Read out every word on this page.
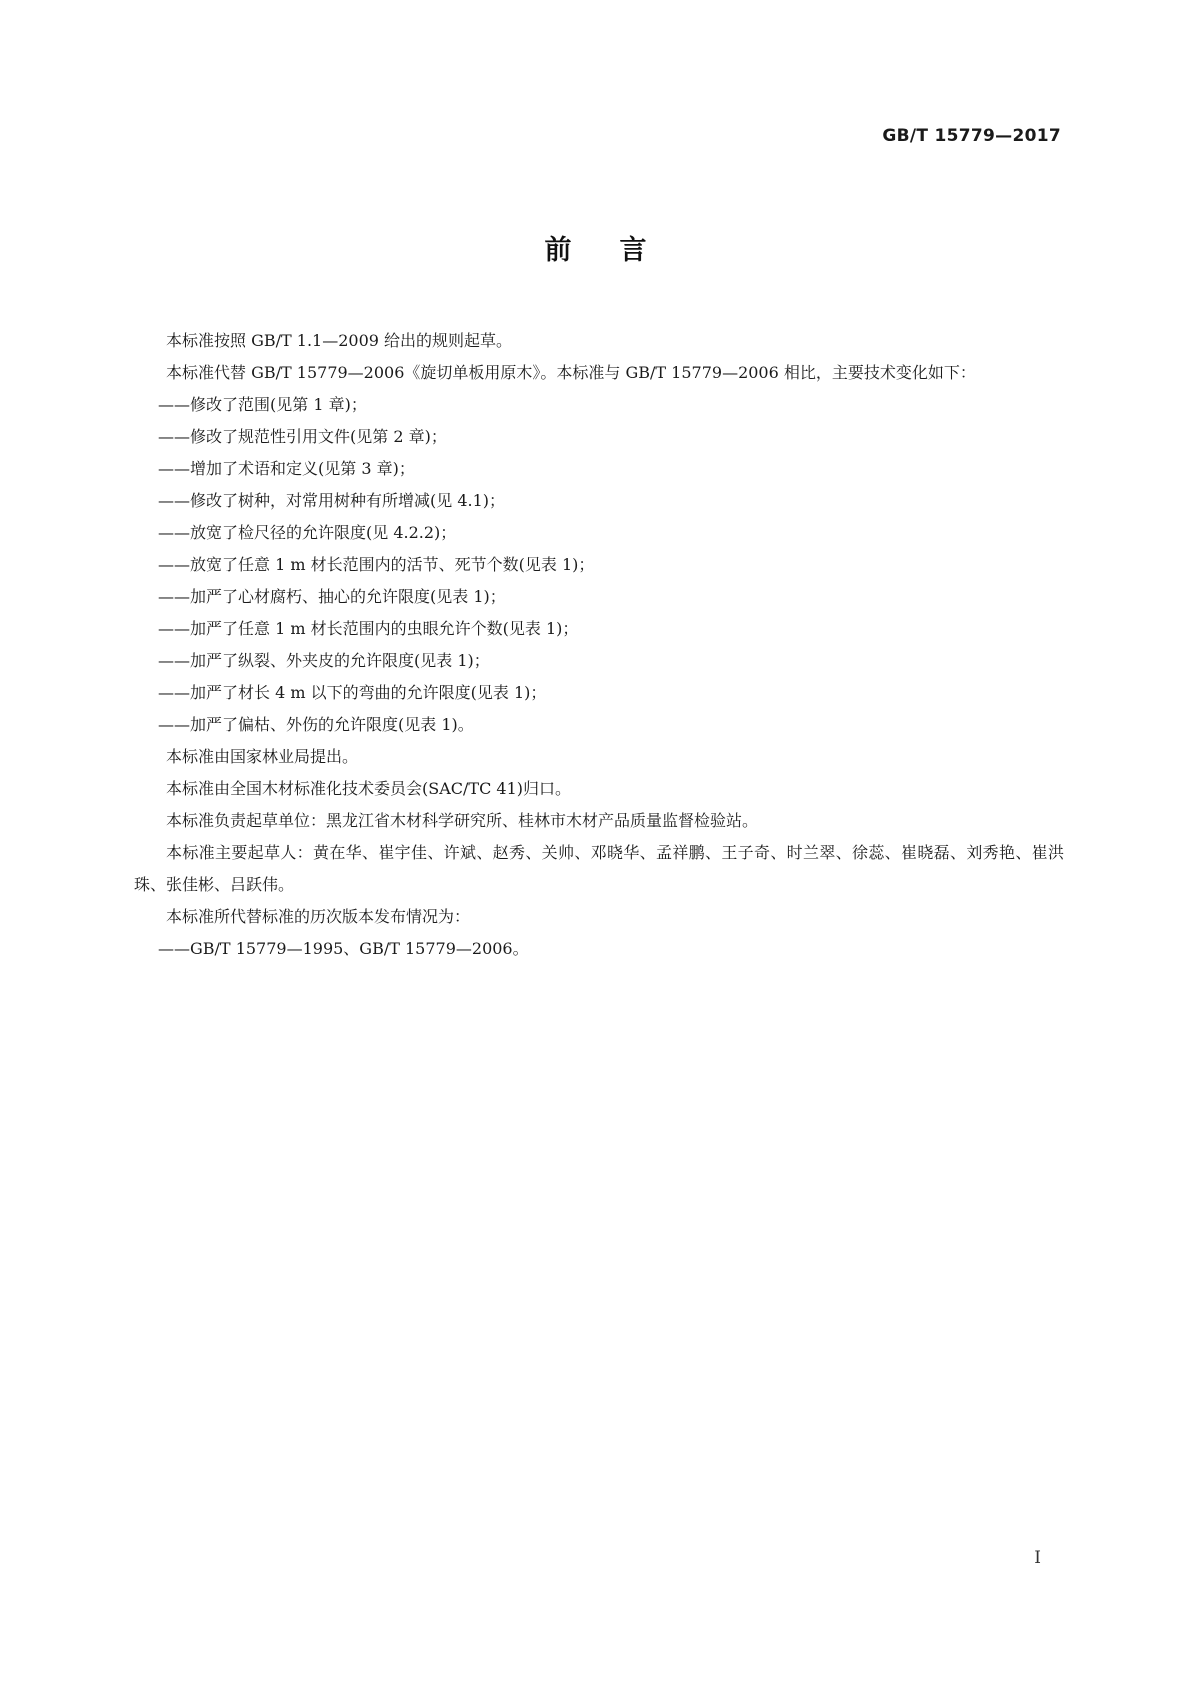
GB/T 15779—2017
前言

本标准按照 GB/T 1.1—2009 给出的规则起草。

本标准代替 GB/T 15779—2006《旋切单板用原木》。本标准与 GB/T 15779—2006 相比，主要技术变化如下：

——修改了范围(见第 1 章)；

——修改了规范性引用文件(见第 2 章)；

——增加了术语和定义(见第 3 章)；

——修改了树种，对常用树种有所增减(见 4.1)；

——放宽了检尺径的允许限度(见 4.2.2)；

——放宽了任意 1 m 材长范围内的活节、死节个数(见表 1)；

——加严了心材腐朽、抽心的允许限度(见表 1)；

——加严了任意 1 m 材长范围内的虫眼允许个数(见表 1)；

——加严了纵裂、外夹皮的允许限度(见表 1)；

——加严了材长 4 m 以下的弯曲的允许限度(见表 1)；

——加严了偏枯、外伤的允许限度(见表 1)。

本标准由国家林业局提出。

本标准由全国木材标准化技术委员会(SAC/TC 41)归口。

本标准负责起草单位：黑龙江省木材科学研究所、桂林市木材产品质量监督检验站。

本标准主要起草人：黄在华、崔宇佳、许斌、赵秀、关帅、邓晓华、孟祥鹏、王子奇、时兰翠、徐蕊、崔晓磊、刘秀艳、崔洪珠、张佳彬、吕跃伟。

本标准所代替标准的历次版本发布情况为：

——GB/T 15779—1995、GB/T 15779—2006。

I
